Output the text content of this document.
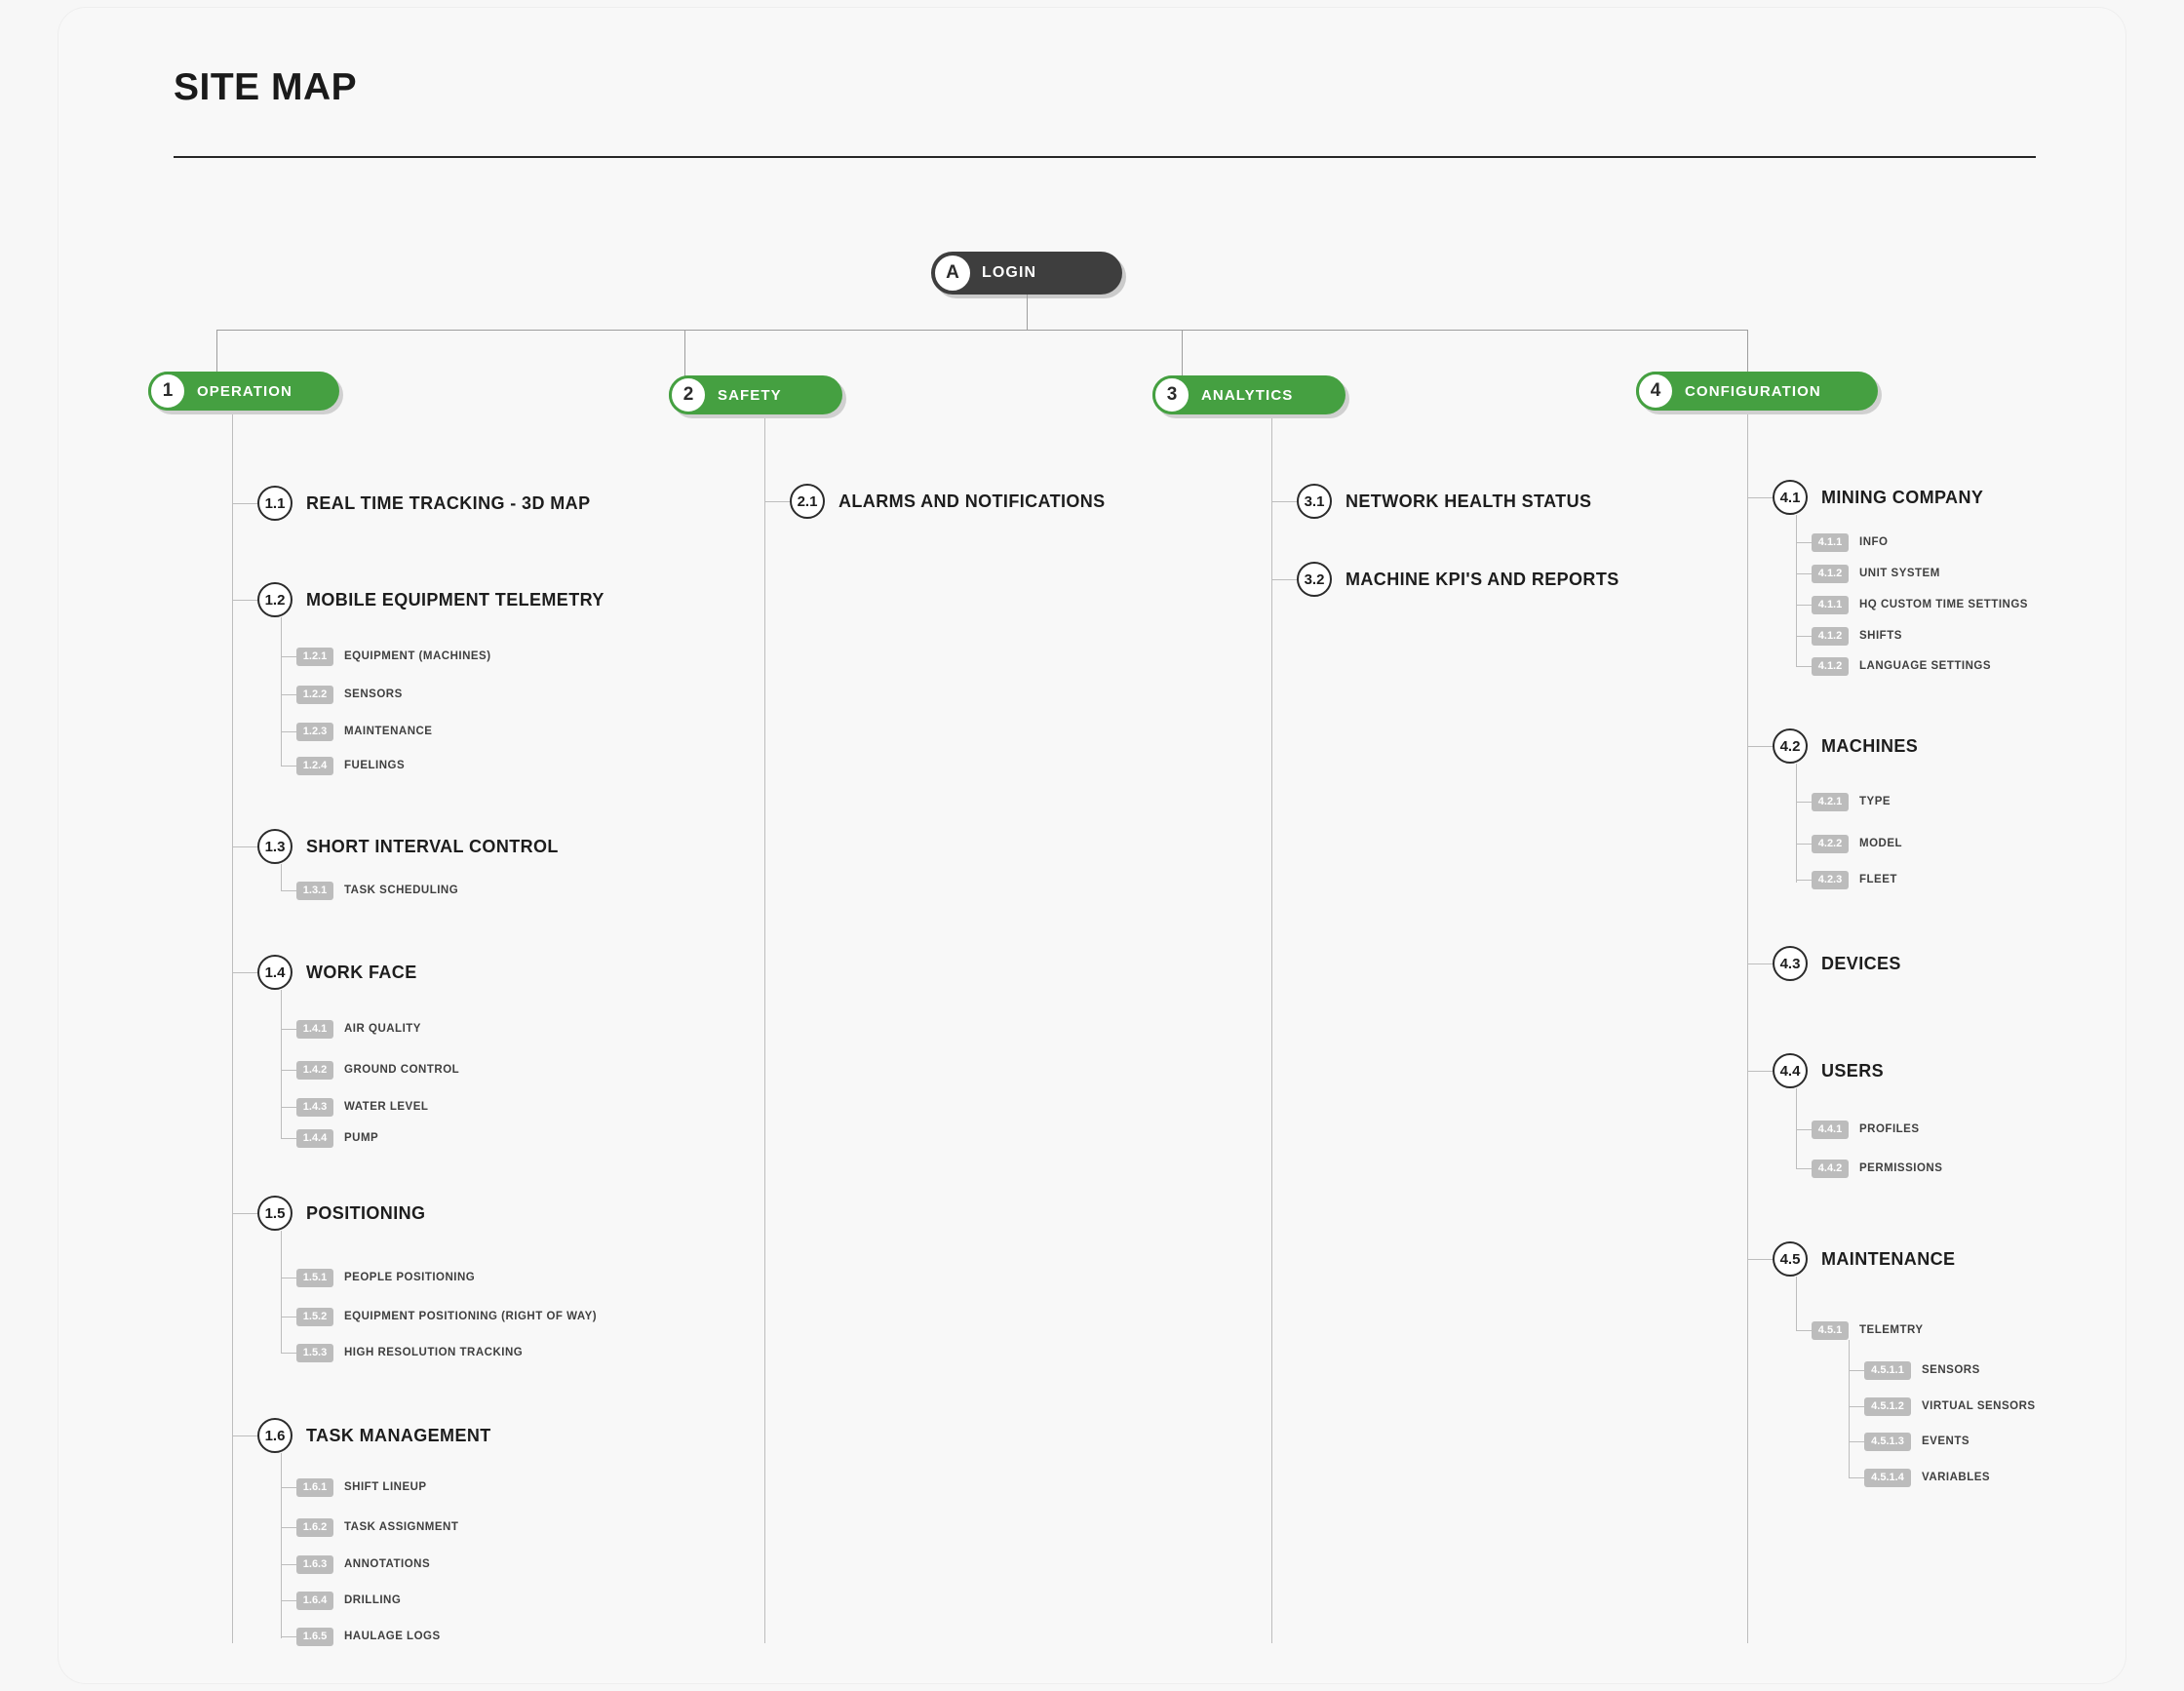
SITE MAP
A	LOGIN
1	OPERATION
1.1	REAL TIME TRACKING - 3D MAP
1.2	MOBILE EQUIPMENT TELEMETRY
1.2.1	EQUIPMENT (MACHINES)
1.2.2	SENSORS
1.2.3	MAINTENANCE
1.2.4	FUELINGS
1.3	SHORT INTERVAL CONTROL
1.3.1	TASK SCHEDULING
1.4	WORK FACE
1.4.1	AIR QUALITY
1.4.2	GROUND CONTROL
1.4.3	WATER LEVEL
1.4.4	PUMP
1.5	POSITIONING
1.5.1	PEOPLE POSITIONING
1.5.2	EQUIPMENT POSITIONING (RIGHT OF WAY)
1.5.3	HIGH RESOLUTION TRACKING
1.6	TASK MANAGEMENT
1.6.1	SHIFT LINEUP
1.6.2	TASK ASSIGNMENT
1.6.3	ANNOTATIONS
1.6.4	DRILLING
1.6.5	HAULAGE LOGS
2	SAFETY
2.1	ALARMS AND NOTIFICATIONS
3	ANALYTICS
3.1	NETWORK HEALTH STATUS
3.2	MACHINE KPI'S AND REPORTS
4	CONFIGURATION
4.1	MINING COMPANY
4.1.1	INFO
4.1.2	UNIT SYSTEM
4.1.1	HQ CUSTOM TIME SETTINGS
4.1.2	SHIFTS
4.1.2	LANGUAGE SETTINGS
4.2	MACHINES
4.2.1	TYPE
4.2.2	MODEL
4.2.3	FLEET
4.3	DEVICES
4.4	USERS
4.4.1	PROFILES
4.4.2	PERMISSIONS
4.5	MAINTENANCE
4.5.1	TELEMTRY
4.5.1.1	SENSORS
4.5.1.2	VIRTUAL SENSORS
4.5.1.3	EVENTS
4.5.1.4	VARIABLES
